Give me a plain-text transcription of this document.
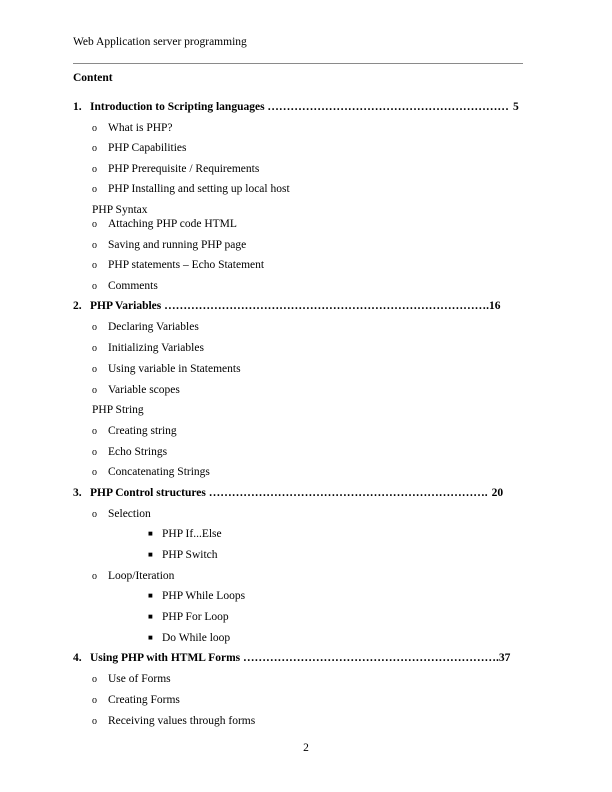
Web Application server programming
Content
1. Introduction to Scripting languages ……………………………………………………… 5
o What is PHP?
o PHP Capabilities
o PHP Prerequisite / Requirements
o PHP Installing and setting up local host
PHP Syntax
o Attaching PHP code HTML
o Saving and running PHP page
o PHP statements – Echo Statement
o Comments
2. PHP Variables ………………………………………………………………………….16
o Declaring Variables
o Initializing Variables
o Using variable in Statements
o Variable scopes
PHP String
o Creating string
o Echo Strings
o Concatenating Strings
3. PHP Control structures ………………………………………………………………. 20
o Selection
■ PHP If...Else
■ PHP Switch
o Loop/Iteration
■ PHP While Loops
■ PHP For Loop
■ Do While loop
4. Using PHP with HTML Forms ………………………………………………………….37
o Use of Forms
o Creating Forms
o Receiving values through forms
2
